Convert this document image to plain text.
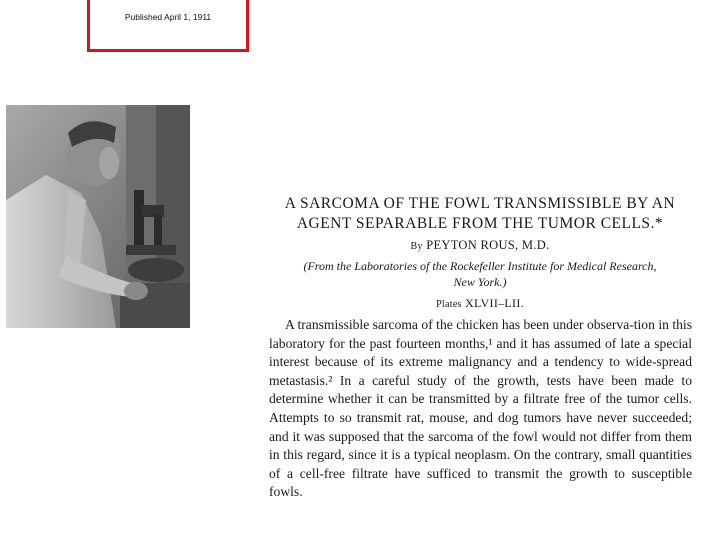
Published April 1, 1911
A SARCOMA OF THE FOWL TRANSMISSIBLE BY AN
AGENT SEPARABLE FROM THE TUMOR CELLS.*
By PEYTON ROUS, M.D.
(From the Laboratories of the Rockefeller Institute for Medical Research,
New York.)
Plates XLVII–LII.

A transmissible sarcoma of the chicken has been under observa-tion in this laboratory for the past fourteen months,¹ and it has assumed of late a special interest because of its extreme malignancy and a tendency to wide-spread metastasis.² In a careful study of the growth, tests have been made to determine whether it can be transmitted by a filtrate free of the tumor cells. Attempts to so transmit rat, mouse, and dog tumors have never succeeded; and it was supposed that the sarcoma of the fowl would not differ from them in this regard, since it is a typical neoplasm. On the contrary, small quantities of a cell-free filtrate have sufficed to transmit the growth to susceptible fowls.
